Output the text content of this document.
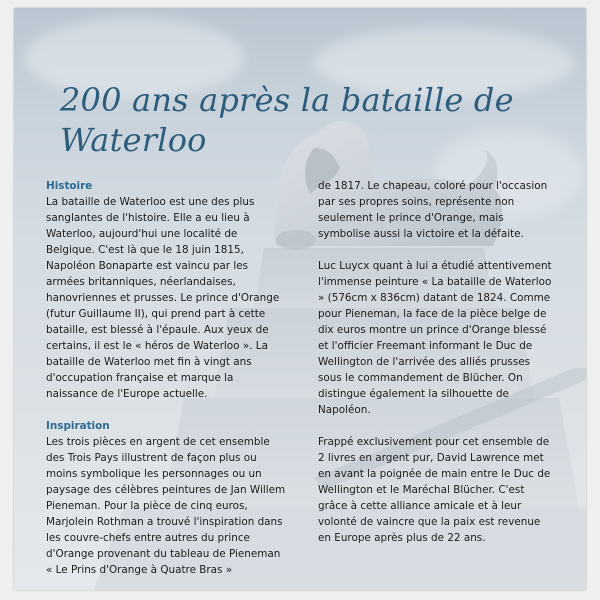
200 ans après la bataille de Waterloo

Histoire

La bataille de Waterloo est une des plus sanglantes de l'histoire. Elle a eu lieu à Waterloo, aujourd'hui une localité de Belgique. C'est là que le 18 juin 1815, Napoléon Bonaparte est vaincu par les armées britanniques, néerlandaises, hanovriennes et prusses. Le prince d'Orange (futur Guillaume II), qui prend part à cette bataille, est blessé à l'épaule. Aux yeux de certains, il est le « héros de Waterloo ». La bataille de Waterloo met fin à vingt ans d'occupation française et marque la naissance de l'Europe actuelle.

Inspiration

Les trois pièces en argent de cet ensemble des Trois Pays illustrent de façon plus ou moins symbolique les personnages ou un paysage des célèbres peintures de Jan Willem Pieneman. Pour la pièce de cinq euros, Marjolein Rothman a trouvé l'inspiration dans les couvre-chefs entre autres du prince d'Orange provenant du tableau de Pieneman « Le Prins d'Orange à Quatre Bras »

de 1817. Le chapeau, coloré pour l'occasion par ses propres soins, représente non seulement le prince d'Orange, mais symbolise aussi la victoire et la défaite.

Luc Luycx quant à lui a étudié attentivement l'immense peinture « La bataille de Waterloo » (576cm x 836cm) datant de 1824. Comme pour Pieneman, la face de la pièce belge de dix euros montre un prince d'Orange blessé et l'officier Freemant informant le Duc de Wellington de l'arrivée des alliés prusses sous le commandement de Blücher. On distingue également la silhouette de Napoléon.

Frappé exclusivement pour cet ensemble de 2 livres en argent pur, David Lawrence met en avant la poignée de main entre le Duc de Wellington et le Maréchal Blücher. C'est grâce à cette alliance amicale et à leur volonté de vaincre que la paix est revenue en Europe après plus de 22 ans.
